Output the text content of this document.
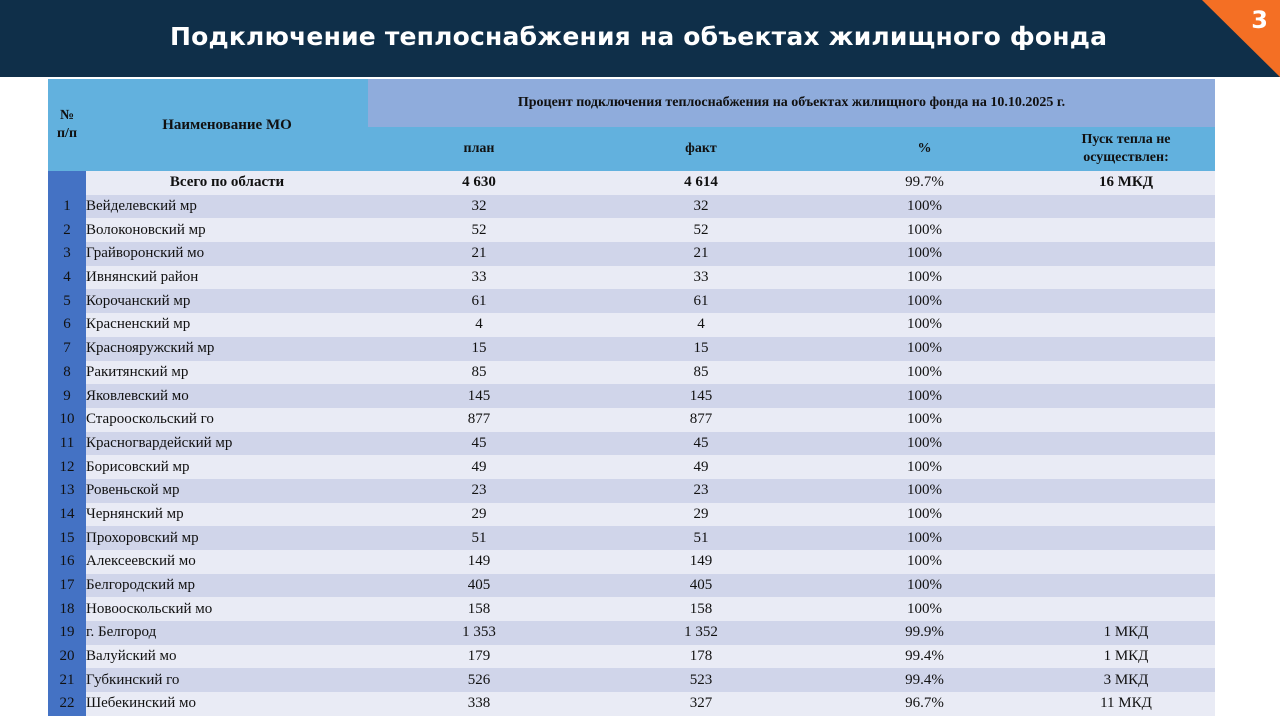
Подключение теплоснабжения на объектах жилищного фонда
3
№ п/п	Наименование МО	Процент подключения теплоснабжения на объектах жилищного фонда на 10.10.2025 г.			
		план	факт	%	Пуск тепла не осуществлен:

	Всего по области	4 630	4 614	99.7%	16 МКД
1	Вейделевский мр	32	32	100%	
2	Волоконовский мр	52	52	100%	
3	Грайворонский мо	21	21	100%	
4	Ивнянский район	33	33	100%	
5	Корочанский мр	61	61	100%	
6	Красненский мр	4	4	100%	
7	Краснояружский мр	15	15	100%	
8	Ракитянский мр	85	85	100%	
9	Яковлевский мо	145	145	100%	
10	Старооскольский го	877	877	100%	
11	Красногвардейский мр	45	45	100%	
12	Борисовский мр	49	49	100%	
13	Ровеньской мр	23	23	100%	
14	Чернянский мр	29	29	100%	
15	Прохоровский мр	51	51	100%	
16	Алексеевский мо	149	149	100%	
17	Белгородский мр	405	405	100%	
18	Новооскольский мо	158	158	100%	
19	г. Белгород	1 353	1 352	99.9%	1 МКД
20	Валуйский мо	179	178	99.4%	1 МКД
21	Губкинский го	526	523	99.4%	3 МКД
22	Шебекинский мо	338	327	96.7%	11 МКД
